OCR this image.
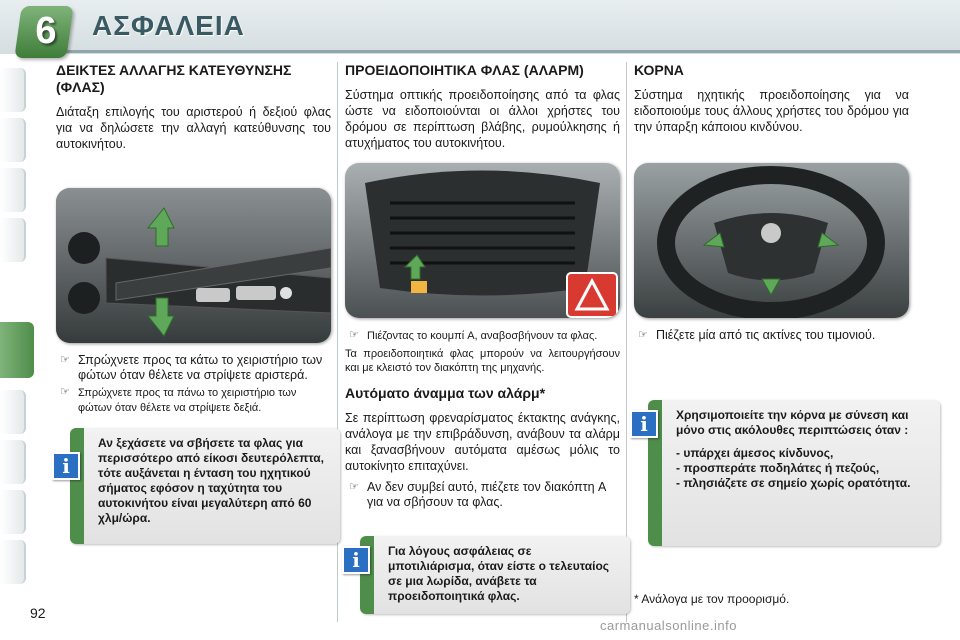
6	ΑΣΦΑΛΕΙΑ
ΔΕΙΚΤΕΣ ΑΛΛΑΓΗΣ ΚΑΤΕΥΘΥΝΣΗΣ (ΦΛΑΣ)

Διάταξη επιλογής του αριστερού ή δεξιού φλας για να δηλώσετε την αλλαγή κατεύθυνσης του αυτοκινήτου.

☞ Σπρώχνετε προς τα κάτω το χειριστήριο των φώτων όταν θέλετε να στρίψετε αριστερά.
☞ Σπρώχνετε προς τα πάνω το χειριστήριο των φώτων όταν θέλετε να στρίψετε δεξιά.
Αν ξεχάσετε να σβήσετε τα φλας για περισσότερο από είκοσι δευτερόλεπτα, τότε αυξάνεται η ένταση του ηχητικού σήματος εφόσον η ταχύτητα του αυτοκινήτου είναι μεγαλύτερη από 60 χλμ/ώρα.
i
ΠΡΟΕΙΔΟΠΟΙΗΤΙΚΑ ΦΛΑΣ (ΑΛΑΡΜ)

Σύστημα οπτικής προειδοποίησης από τα φλας ώστε να ειδοποιούνται οι άλλοι χρήστες του δρόμου σε περίπτωση βλάβης, ρυμούλκησης ή ατυχήματος του αυτοκινήτου.

☞ Πιέζοντας το κουμπί A, αναβοσβήνουν τα φλας.

Τα προειδοποιητικά φλας μπορούν να λειτουργήσουν και με κλειστό τον διακόπτη της μηχανής.

Αυτόματο άναμμα των αλάρμ*

Σε περίπτωση φρεναρίσματος έκτακτης ανάγκης, ανάλογα με την επιβράδυνση, ανάβουν τα αλάρμ και ξανασβήνουν αυτόματα αμέσως μόλις το αυτοκίνητο επιταχύνει.

☞ Αν δεν συμβεί αυτό, πιέζετε τον διακόπτη A για να σβήσουν τα φλας.
Για λόγους ασφάλειας σε μποτιλιάρισμα, όταν είστε ο τελευταίος σε μια λωρίδα, ανάβετε τα προειδοποιητικά φλας.
i
ΚΟΡΝΑ

Σύστημα ηχητικής προειδοποίησης για να ειδοποιούμε τους άλλους χρήστες του δρόμου για την ύπαρξη κάποιου κινδύνου.

☞ Πιέζετε μία από τις ακτίνες του τιμονιού.
Χρησιμοποιείτε την κόρνα με σύνεση και μόνο στις ακόλουθες περιπτώσεις όταν :
- υπάρχει άμεσος κίνδυνος,
- προσπεράτε ποδηλάτες ή πεζούς,
- πλησιάζετε σε σημείο χωρίς ορατότητα.
i
* Ανάλογα με τον προορισμό.
92
carmanualsonline.info
